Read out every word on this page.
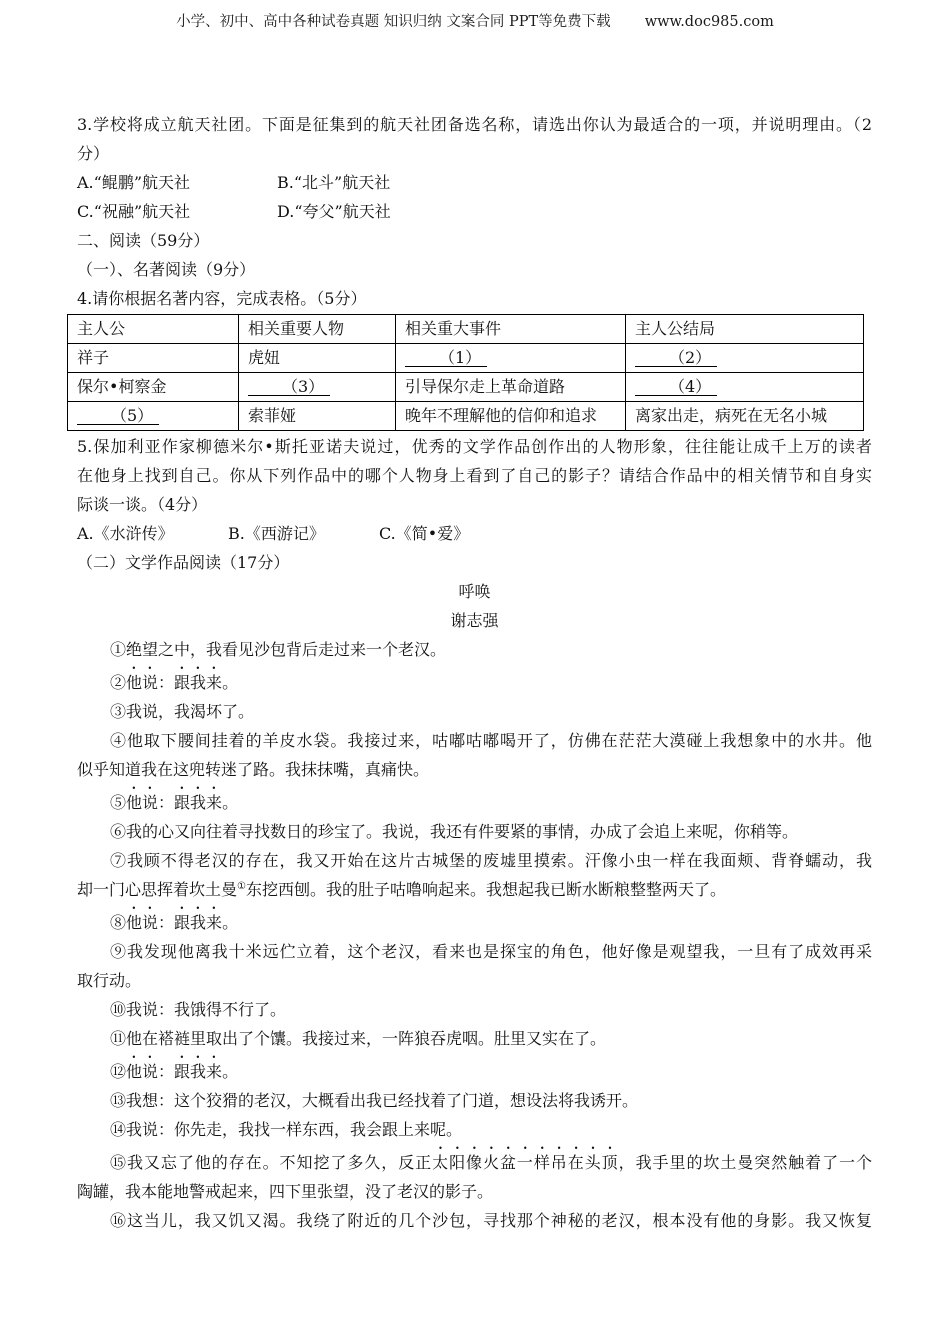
小学、初中、高中各种试卷真题 知识归纳 文案合同 PPT等免费下载 www.doc985.com
3.学校将成立航天社团。下面是征集到的航天社团备选名称，请选出你认为最适合的一项，并说明理由。（2
分）
A.“鲲鹏”航天社	B.“北斗”航天社
C.“祝融”航天社	D.“夸父”航天社
二、阅读（59分）
（一）、名著阅读（9分）
4.请你根据名著内容，完成表格。（5分）
主人公	相关重要人物	相关重大事件	主人公结局
祥子	虎妞	（1）	（2）
保尔•柯察金	（3）	引导保尔走上革命道路	（4）
（5）	索菲娅	晚年不理解他的信仰和追求	离家出走，病死在无名小城
5.保加利亚作家柳德米尔•斯托亚诺夫说过，优秀的文学作品创作出的人物形象，往往能让成千上万的读者
在他身上找到自己。你从下列作品中的哪个人物身上看到了自己的影子？请结合作品中的相关情节和自身实
际谈一谈。（4分）
A.《水浒传》	B.《西游记》	C.《简•爱》
（二）文学作品阅读（17分）
呼唤
谢志强
①绝望之中，我看见沙包背后走过来一个老汉。
②他说：跟我来。
③我说，我渴坏了。
④他取下腰间挂着的羊皮水袋。我接过来，咕嘟咕嘟喝开了，仿佛在茫茫大漠碰上我想象中的水井。他
似乎知道我在这兜转迷了路。我抹抹嘴，真痛快。
⑤他说：跟我来。
⑥我的心又向往着寻找数日的珍宝了。我说，我还有件要紧的事情，办成了会追上来呢，你稍等。
⑦我顾不得老汉的存在，我又开始在这片古城堡的废墟里摸索。汗像小虫一样在我面颊、背脊蠕动，我
却一门心思挥着坎土曼①东挖西刨。我的肚子咕噜响起来。我想起我已断水断粮整整两天了。
⑧他说：跟我来。
⑨我发现他离我十米远伫立着，这个老汉，看来也是探宝的角色，他好像是观望我，一旦有了成效再采
取行动。
⑩我说：我饿得不行了。
⑪他在褡裢里取出了个馕。我接过来，一阵狼吞虎咽。肚里又实在了。
⑫他说：跟我来。
⑬我想：这个狡猾的老汉，大概看出我已经找着了门道，想设法将我诱开。
⑭我说：你先走，我找一样东西，我会跟上来呢。
⑮我又忘了他的存在。不知挖了多久，反正太阳像火盆一样吊在头顶，我手里的坎土曼突然触着了一个
陶罐，我本能地警戒起来，四下里张望，没了老汉的影子。
⑯这当儿，我又饥又渴。我绕了附近的几个沙包，寻找那个神秘的老汉，根本没有他的身影。我又恢复
